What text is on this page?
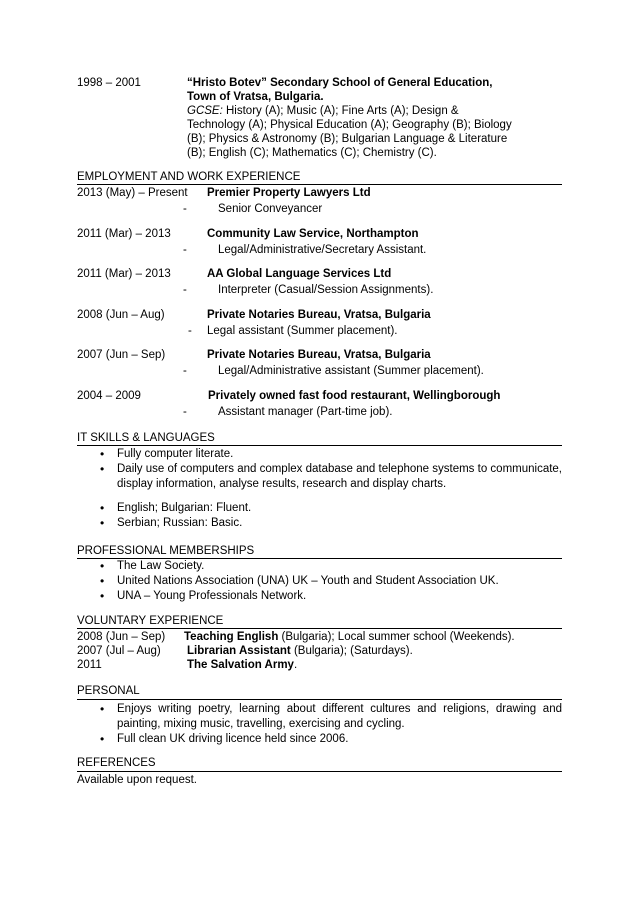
1998 – 2001	“Hristo Botev” Secondary School of General Education,
Town of Vratsa, Bulgaria.
GCSE: History (A); Music (A); Fine Arts (A); Design &
Technology (A); Physical Education (A); Geography (B); Biology
(B); Physics & Astronomy (B); Bulgarian Language & Literature
(B); English (C); Mathematics (C); Chemistry (C).
EMPLOYMENT AND WORK EXPERIENCE
2013 (May) – Present Premier Property Lawyers Ltd
-	Senior Conveyancer
2011 (Mar) – 2013	Community Law Service, Northampton
-	Legal/Administrative/Secretary Assistant.
2011 (Mar) – 2013	AA Global Language Services Ltd
-	Interpreter (Casual/Session Assignments).
2008 (Jun – Aug)	Private Notaries Bureau, Vratsa, Bulgaria
- Legal assistant (Summer placement).
2007 (Jun – Sep)	Private Notaries Bureau, Vratsa, Bulgaria
-	Legal/Administrative assistant (Summer placement).
2004 – 2009	Privately owned fast food restaurant, Wellingborough
-	Assistant manager (Part-time job).
IT SKILLS & LANGUAGES
• Fully computer literate.
• Daily use of computers and complex database and telephone systems to communicate, display information, analyse results, research and display charts.
• English; Bulgarian: Fluent.
• Serbian; Russian: Basic.
PROFESSIONAL MEMBERSHIPS
• The Law Society.
• United Nations Association (UNA) UK – Youth and Student Association UK.
• UNA – Young Professionals Network.
VOLUNTARY EXPERIENCE
2008 (Jun – Sep) Teaching English (Bulgaria); Local summer school (Weekends).
2007 (Jul – Aug) Librarian Assistant (Bulgaria); (Saturdays).
2011	The Salvation Army.
PERSONAL
• Enjoys writing poetry, learning about different cultures and religions, drawing and painting, mixing music, travelling, exercising and cycling.
• Full clean UK driving licence held since 2006.
REFERENCES
Available upon request.
